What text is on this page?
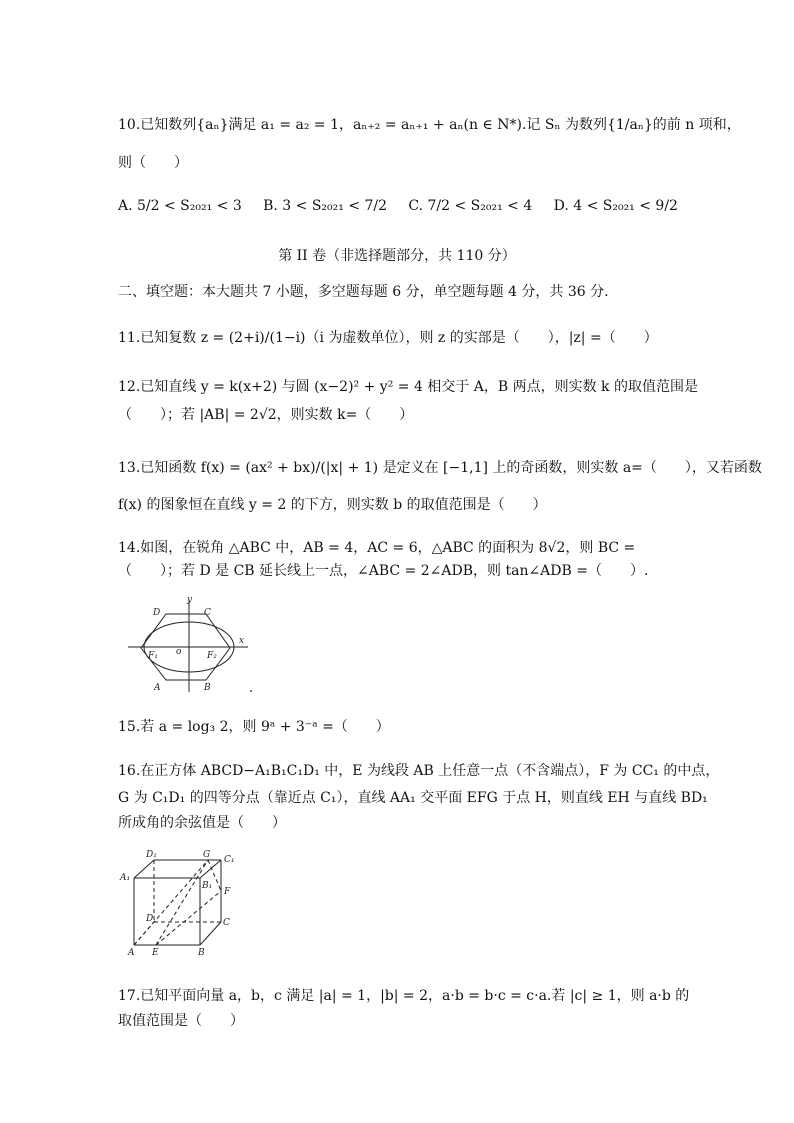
10.已知数列{aₙ}满足 a₁ = a₂ = 1，aₙ₊₂ = aₙ₊₁ + aₙ(n ∈ N*).记 Sₙ 为数列{1/aₙ}的前 n 项和，
则（　　）
A. 5/2 < S₂₀₂₁ < 3 B. 3 < S₂₀₂₁ < 7/2 C. 7/2 < S₂₀₂₁ < 4 D. 4 < S₂₀₂₁ < 9/2
第 II 卷（非选择题部分，共 110 分）
二、填空题：本大题共 7 小题，多空题每题 6 分，单空题每题 4 分，共 36 分.
11.已知复数 z = (2+i)/(1−i)（i 为虚数单位），则 z 的实部是（　　），|z| =（　　）
12.已知直线 y = k(x+2) 与圆 (x−2)² + y² = 4 相交于 A，B 两点，则实数 k 的取值范围是
（　　）；若 |AB| = 2√2，则实数 k=（　　）
13.已知函数 f(x) = (ax² + bx)/(|x| + 1) 是定义在 [−1,1] 上的奇函数，则实数 a=（　　），又若函数
f(x) 的图象恒在直线 y = 2 的下方，则实数 b 的取值范围是（　　）
14.如图，在锐角 △ABC 中，AB = 4，AC = 6，△ABC 的面积为 8√2，则 BC =
（　　）；若 D 是 CB 延长线上一点，∠ABC = 2∠ADB，则 tan∠ADB =（　　）.
y
x
D	C
F₁ o	F₂
A	B
15.若 a = log₃ 2，则 9ᵃ + 3⁻ᵃ =（　　）
16.在正方体 ABCD−A₁B₁C₁D₁ 中，E 为线段 AB 上任意一点（不含端点），F 为 CC₁ 的中点，
G 为 C₁D₁ 的四等分点（靠近点 C₁），直线 AA₁ 交平面 EFG 于点 H，则直线 EH 与直线 BD₁
所成角的余弦值是（　　）
D₁	G C₁
A₁
B₁
F
D	C
A E	B
17.已知平面向量 a，b，c 满足 |a| = 1，|b| = 2，a·b = b·c = c·a.若 |c| ≥ 1，则 a·b 的
取值范围是（　　）
